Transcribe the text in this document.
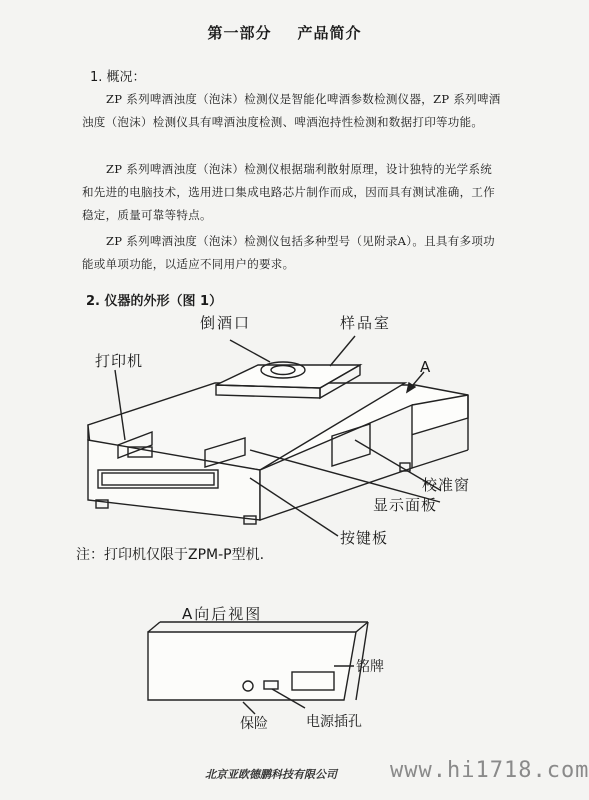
第一部分 产品简介
1. 概况：
ZP 系列啤酒浊度（泡沫）检测仪是智能化啤酒参数检测仪器，ZP 系列啤酒浊度（泡沫）检测仪具有啤酒浊度检测、啤酒泡持性检测和数据打印等功能。
ZP 系列啤酒浊度（泡沫）检测仪根据瑞利散射原理，设计独特的光学系统和先进的电脑技术，选用进口集成电路芯片制作而成，因而具有测试准确，工作稳定，质量可靠等特点。
ZP 系列啤酒浊度（泡沫）检测仪包括多种型号（见附录A）。且具有多项功能或单项功能，以适应不同用户的要求。
2. 仪器的外形（图 1）
倒酒口	样品室
打印机	A
校准窗
显示面板
按键板
注：打印机仅限于ZPM-P型机.
A向后视图
铭牌
保险	电源插孔
北京亚欧德鹏科技有限公司 www.hi1718.com
